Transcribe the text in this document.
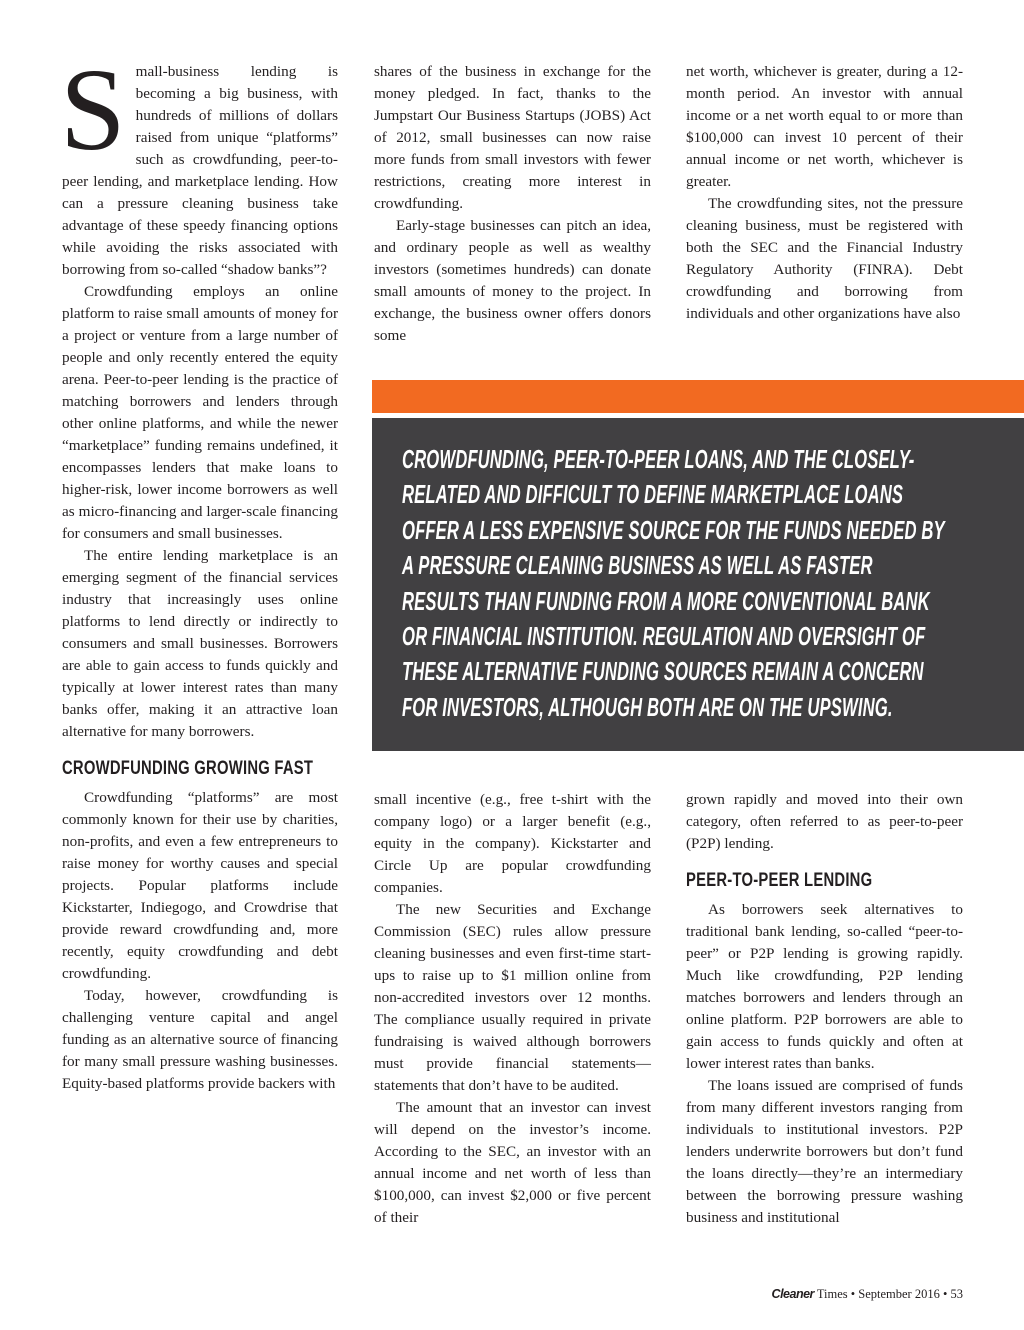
S mall-business lending is becoming a big business, with hundreds of millions of dollars raised from unique “platforms” such as crowdfunding, peer-to-peer lending, and marketplace lending. How can a pressure cleaning business take advantage of these speedy financing options while avoiding the risks associated with borrowing from so-called “shadow banks”?

Crowdfunding employs an online platform to raise small amounts of money for a project or venture from a large number of people and only recently entered the equity arena. Peer-to-peer lending is the practice of matching borrowers and lenders through other online platforms, and while the newer “marketplace” funding remains undefined, it encompasses lenders that make loans to higher-risk, lower income borrowers as well as micro-financing and larger-scale financing for consumers and small businesses.

The entire lending marketplace is an emerging segment of the financial services industry that increasingly uses online platforms to lend directly or indirectly to consumers and small businesses. Borrowers are able to gain access to funds quickly and typically at lower interest rates than many banks offer, making it an attractive loan alternative for many borrowers.

CROWDFUNDING GROWING FAST

Crowdfunding “platforms” are most commonly known for their use by charities, non-profits, and even a few entrepreneurs to raise money for worthy causes and special projects. Popular platforms include Kickstarter, Indiegogo, and Crowdrise that provide reward crowdfunding and, more recently, equity crowdfunding and debt crowdfunding.

Today, however, crowdfunding is challenging venture capital and angel funding as an alternative source of financing for many small pressure washing businesses. Equity-based platforms provide backers with

shares of the business in exchange for the money pledged. In fact, thanks to the Jumpstart Our Business Startups (JOBS) Act of 2012, small businesses can now raise more funds from small investors with fewer restrictions, creating more interest in crowdfunding.

Early-stage businesses can pitch an idea, and ordinary people as well as wealthy investors (sometimes hundreds) can donate small amounts of money to the project. In exchange, the business owner offers donors some

net worth, whichever is greater, during a 12-month period. An investor with annual income or a net worth equal to or more than $100,000 can invest 10 percent of their annual income or net worth, whichever is greater.

The crowdfunding sites, not the pressure cleaning business, must be registered with both the SEC and the Financial Industry Regulatory Authority (FINRA). Debt crowdfunding and borrowing from individuals and other organizations have also

CROWDFUNDING, PEER-TO-PEER LOANS, AND THE CLOSELY-RELATED AND DIFFICULT TO DEFINE MARKETPLACE LOANS OFFER A LESS EXPENSIVE SOURCE FOR THE FUNDS NEEDED BY A PRESSURE CLEANING BUSINESS AS WELL AS FASTER RESULTS THAN FUNDING FROM A MORE CONVENTIONAL BANK OR FINANCIAL INSTITUTION. REGULATION AND OVERSIGHT OF THESE ALTERNATIVE FUNDING SOURCES REMAIN A CONCERN FOR INVESTORS, ALTHOUGH BOTH ARE ON THE UPSWING.

small incentive (e.g., free t-shirt with the company logo) or a larger benefit (e.g., equity in the company). Kickstarter and Circle Up are popular crowdfunding companies.

The new Securities and Exchange Commission (SEC) rules allow pressure cleaning businesses and even first-time start-ups to raise up to $1 million online from non-accredited investors over 12 months. The compliance usually required in private fundraising is waived although borrowers must provide financial statements—statements that don’t have to be audited.

The amount that an investor can invest will depend on the investor’s income. According to the SEC, an investor with an annual income and net worth of less than $100,000, can invest $2,000 or five percent of their

grown rapidly and moved into their own category, often referred to as peer-to-peer (P2P) lending.

PEER-TO-PEER LENDING

As borrowers seek alternatives to traditional bank lending, so-called “peer-to-peer” or P2P lending is growing rapidly. Much like crowdfunding, P2P lending matches borrowers and lenders through an online platform. P2P borrowers are able to gain access to funds quickly and often at lower interest rates than banks.

The loans issued are comprised of funds from many different investors ranging from individuals to institutional investors. P2P lenders underwrite borrowers but don’t fund the loans directly—they’re an intermediary between the borrowing pressure washing business and institutional

Cleaner Times • September 2016 • 53
